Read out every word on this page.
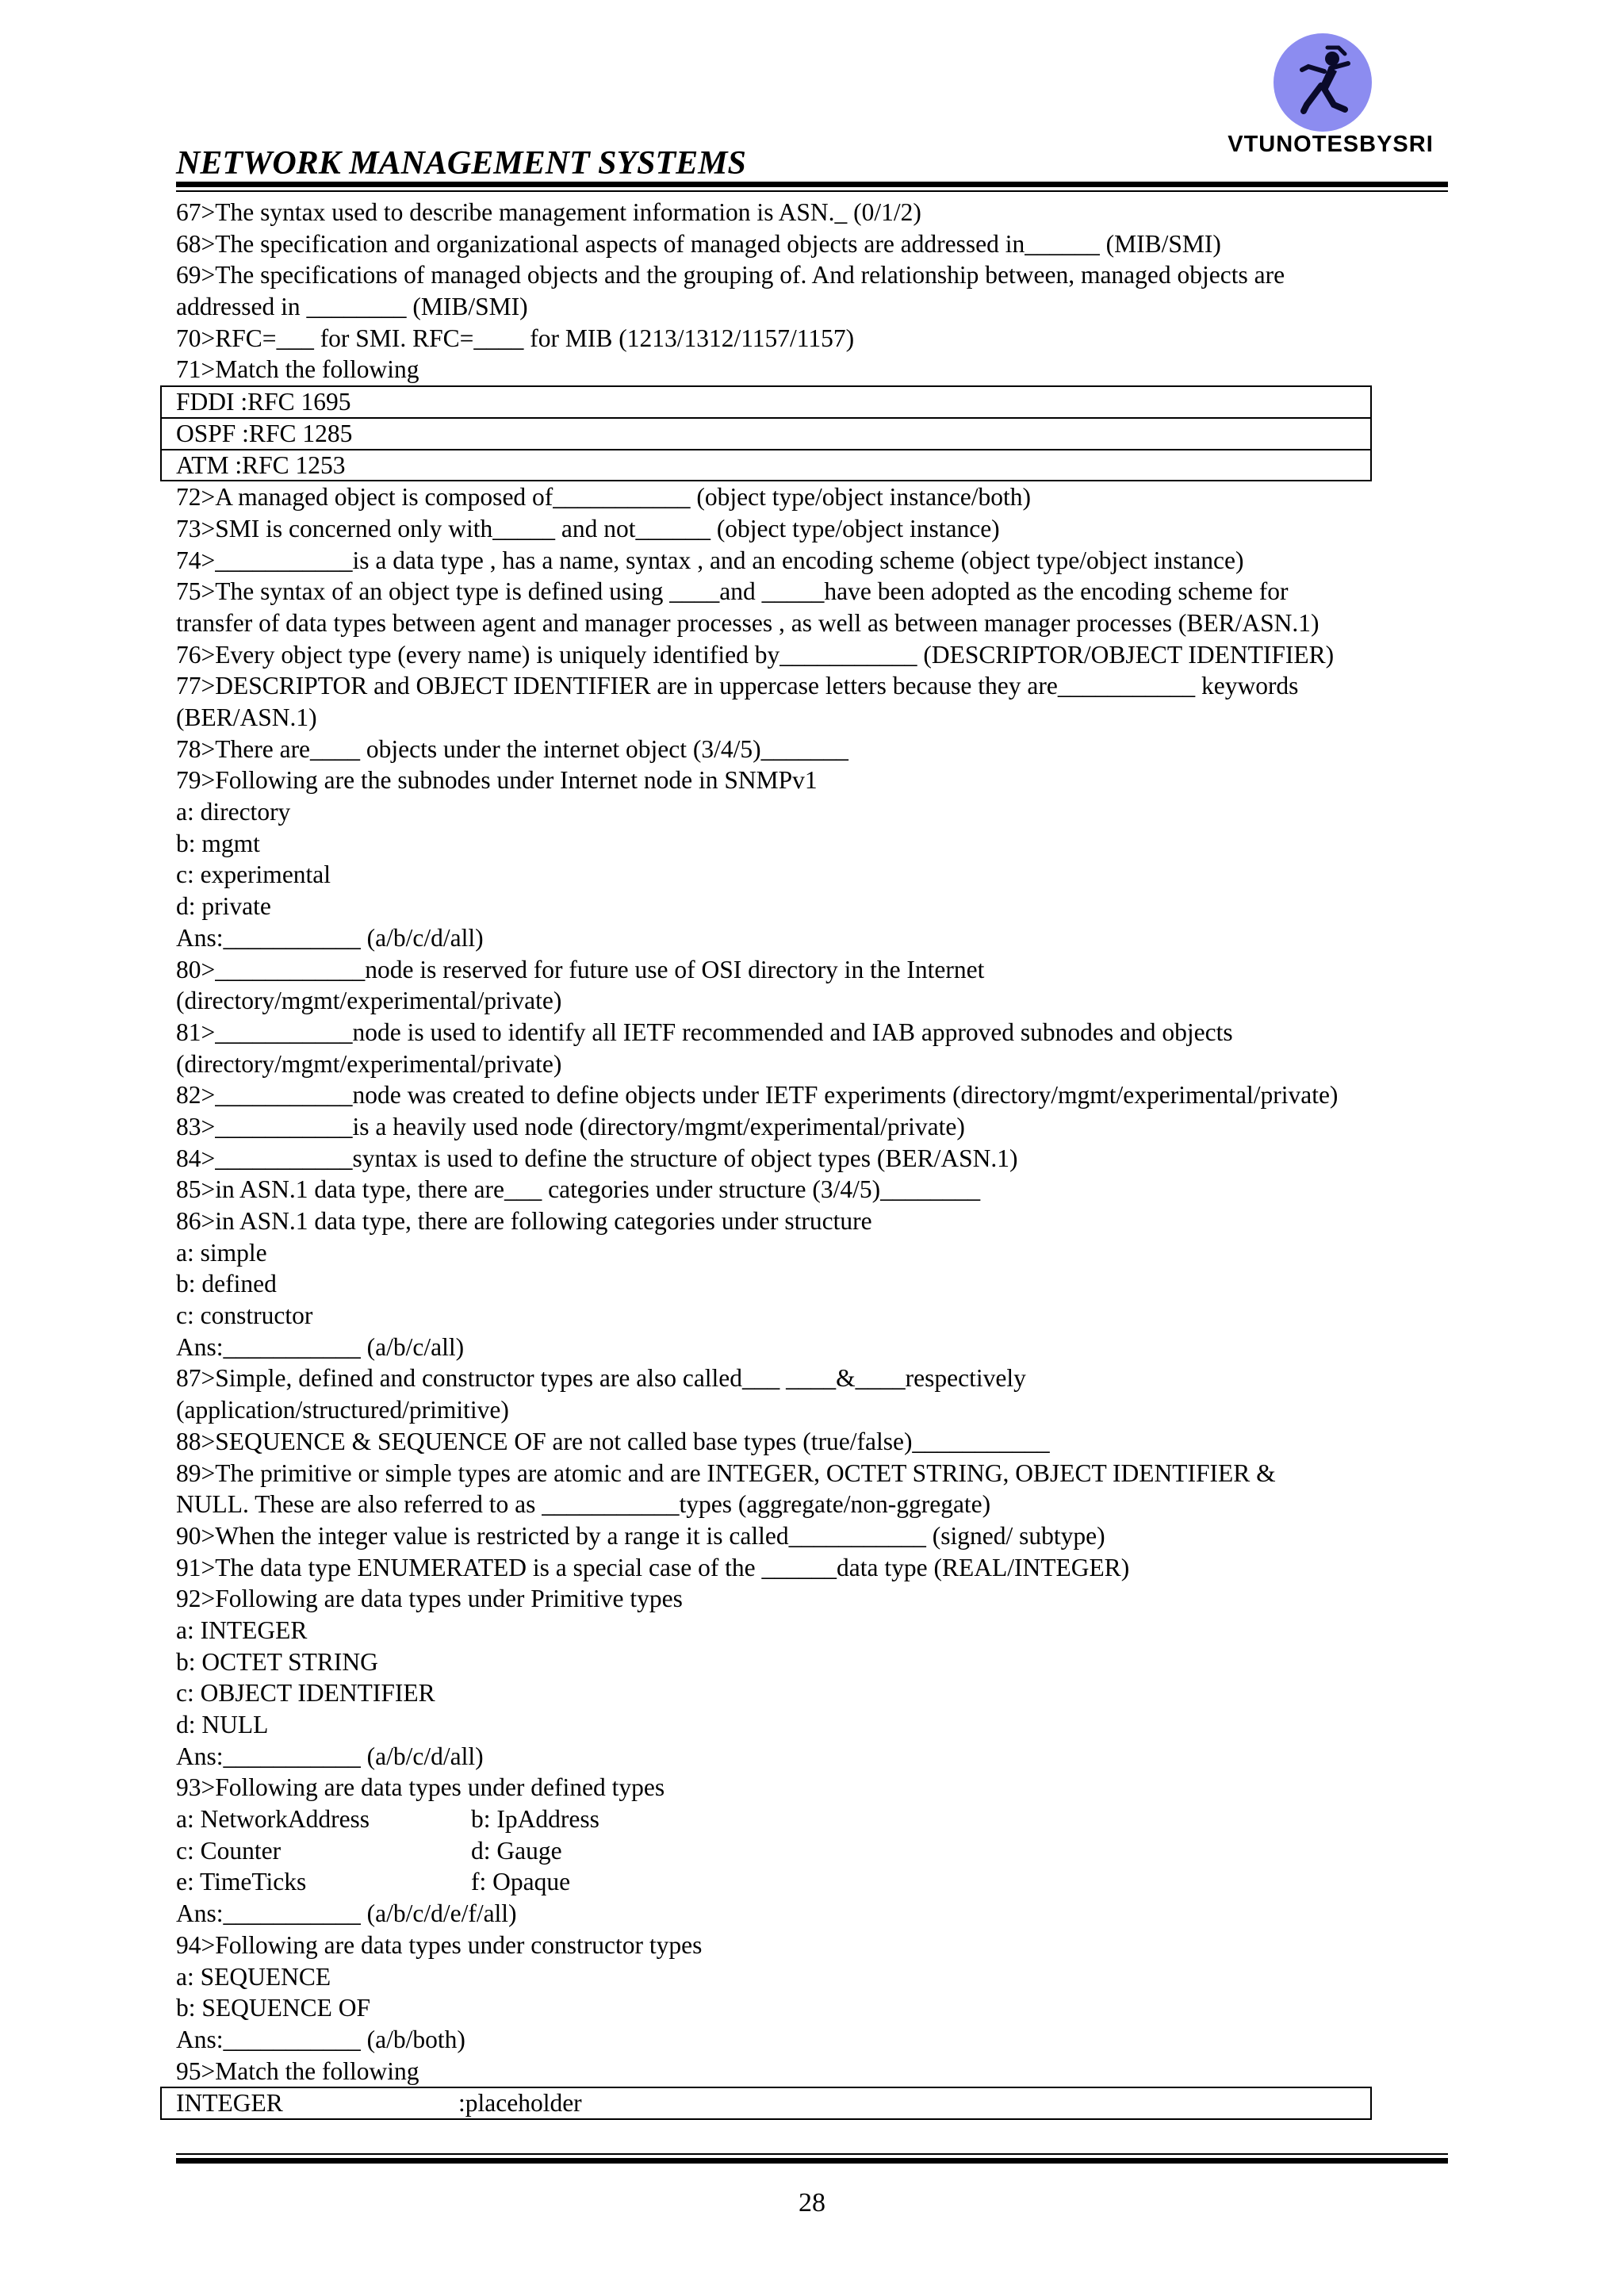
VTUNOTESBYSRI
NETWORK MANAGEMENT SYSTEMS
67>The syntax used to describe management information is ASN._ (0/1/2)
68>The specification and organizational aspects of managed objects are addressed in______ (MIB/SMI)
69>The specifications of managed objects and the grouping of. And relationship between, managed objects are
addressed in ________ (MIB/SMI)
70>RFC=___ for SMI. RFC=____ for MIB (1213/1312/1157/1157)
71>Match the following
FDDI :RFC 1695
OSPF :RFC 1285
ATM :RFC 1253
72>A managed object is composed of___________ (object type/object instance/both)
73>SMI is concerned only with_____ and not______ (object type/object instance)
74>___________is a data type , has a name, syntax , and an encoding scheme (object type/object instance)
75>The syntax of an object type is defined using ____and _____have been adopted as the encoding scheme for
transfer of data types between agent and manager processes , as well as between manager processes (BER/ASN.1)
76>Every object type (every name) is uniquely identified by___________ (DESCRIPTOR/OBJECT IDENTIFIER)
77>DESCRIPTOR and OBJECT IDENTIFIER are in uppercase letters because they are___________ keywords
(BER/ASN.1)
78>There are____ objects under the internet object (3/4/5)_______
79>Following are the subnodes under Internet node in SNMPv1
a: directory
b: mgmt
c: experimental
d: private
Ans:___________ (a/b/c/d/all)
80>____________node is reserved for future use of OSI directory in the Internet
(directory/mgmt/experimental/private)
81>___________node is used to identify all IETF recommended and IAB approved subnodes and objects
(directory/mgmt/experimental/private)
82>___________node was created to define objects under IETF experiments (directory/mgmt/experimental/private)
83>___________is a heavily used node (directory/mgmt/experimental/private)
84>___________syntax is used to define the structure of object types (BER/ASN.1)
85>in ASN.1 data type, there are___ categories under structure (3/4/5)________
86>in ASN.1 data type, there are following categories under structure
a: simple
b: defined
c: constructor
Ans:___________ (a/b/c/all)
87>Simple, defined and constructor types are also called___ ____&____respectively
(application/structured/primitive)
88>SEQUENCE & SEQUENCE OF are not called base types (true/false)___________
89>The primitive or simple types are atomic and are INTEGER, OCTET STRING, OBJECT IDENTIFIER &
NULL. These are also referred to as ___________types (aggregate/non-ggregate)
90>When the integer value is restricted by a range it is called___________ (signed/ subtype)
91>The data type ENUMERATED is a special case of the ______data type (REAL/INTEGER)
92>Following are data types under Primitive types
a: INTEGER
b: OCTET STRING
c: OBJECT IDENTIFIER
d: NULL
Ans:___________ (a/b/c/d/all)
93>Following are data types under defined types
a: NetworkAddress	b: IpAddress
c: Counter	d: Gauge
e: TimeTicks	f: Opaque
Ans:___________ (a/b/c/d/e/f/all)
94>Following are data types under constructor types
a: SEQUENCE
b: SEQUENCE OF
Ans:___________ (a/b/both)
95>Match the following
INTEGER	:placeholder
28
